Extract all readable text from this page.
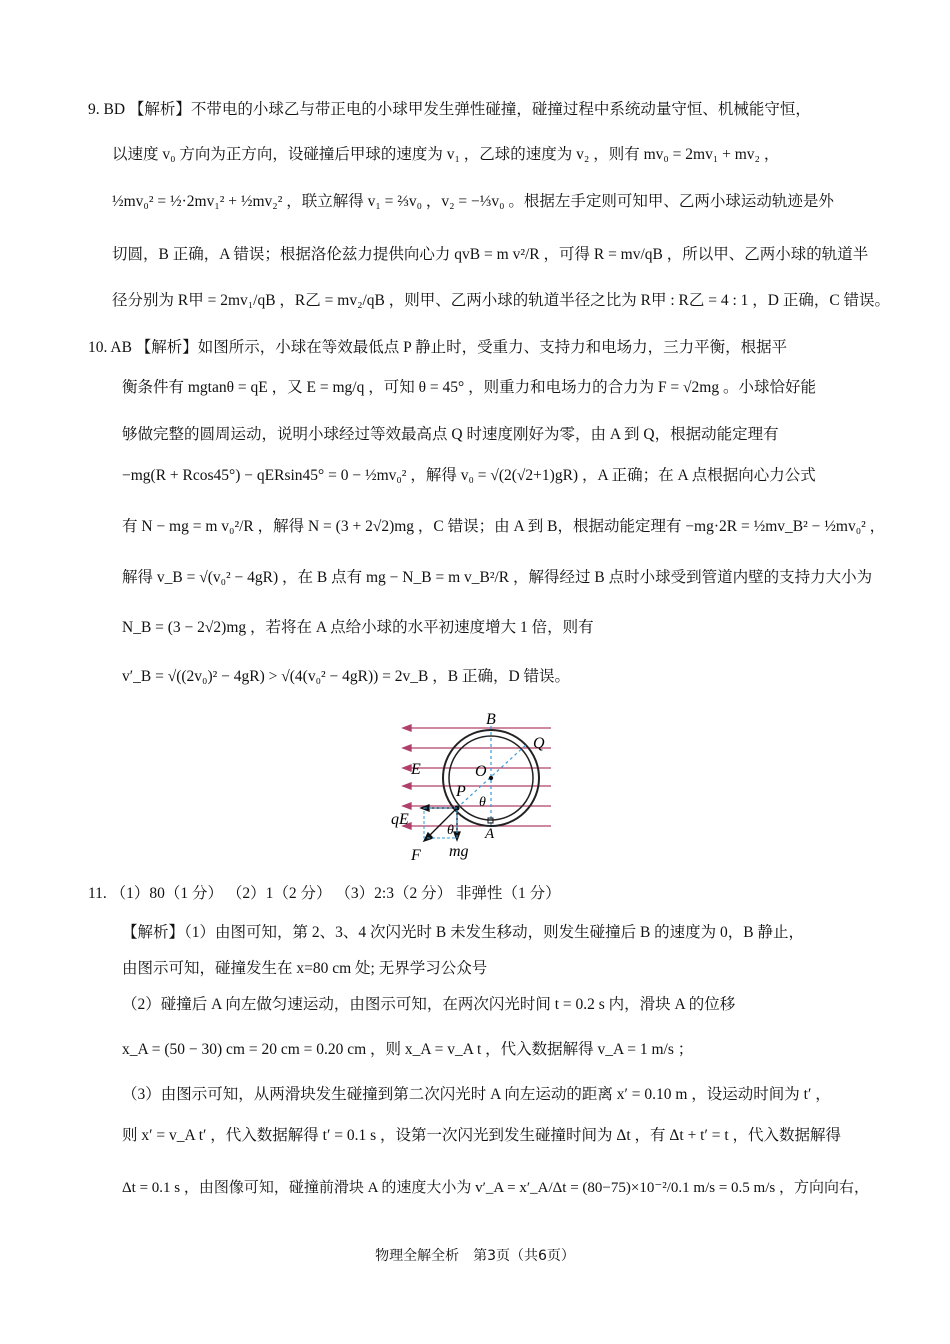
9. BD 【解析】不带电的小球乙与带正电的小球甲发生弹性碰撞，碰撞过程中系统动量守恒、机械能守恒，
以速度 v₀ 方向为正方向，设碰撞后甲球的速度为 v₁ ，乙球的速度为 v₂ ，则有 mv₀ = 2mv₁ + mv₂ ，
½mv₀² = ½·2mv₁² + ½mv₂² ，联立解得 v₁ = ⅔v₀ ，v₂ = −⅓v₀ 。根据左手定则可知甲、乙两小球运动轨迹是外
切圆，B 正确，A 错误；根据洛伦兹力提供向心力 qvB = m v²/R ，可得 R = mv/qB ，所以甲、乙两小球的轨道半
径分别为 R甲 = 2mv₁/qB ，R乙 = mv₂/qB ，则甲、乙两小球的轨道半径之比为 R甲 : R乙 = 4 : 1 ，D 正确，C 错误。
10. AB 【解析】如图所示，小球在等效最低点 P 静止时，受重力、支持力和电场力，三力平衡，根据平
衡条件有 mgtanθ = qE ，又 E = mg/q ，可知 θ = 45° ，则重力和电场力的合力为 F = √2mg 。小球恰好能
够做完整的圆周运动，说明小球经过等效最高点 Q 时速度刚好为零，由 A 到 Q，根据动能定理有
−mg(R + Rcos45°) − qERsin45° = 0 − ½mv₀² ，解得 v₀ = √(2(√2+1)gR) ，A 正确；在 A 点根据向心力公式
有 N − mg = m v₀²/R ，解得 N = (3 + 2√2)mg ，C 错误；由 A 到 B，根据动能定理有 −mg·2R = ½mv_B² − ½mv₀² ，
解得 v_B = √(v₀² − 4gR) ，在 B 点有 mg − N_B = m v_B²/R ，解得经过 B 点时小球受到管道内壁的支持力大小为
N_B = (3 − 2√2)mg ，若将在 A 点给小球的水平初速度增大 1 倍，则有
v′_B = √((2v₀)² − 4gR) > √(4(v₀² − 4gR)) = 2v_B ，B 正确，D 错误。
B
Q
E	O
P
θ
qE
θ A
F mg
11. （1）80（1 分） （2）1（2 分） （3）2:3（2 分） 非弹性（1 分）
【解析】（1）由图可知，第 2、3、4 次闪光时 B 未发生移动，则发生碰撞后 B 的速度为 0，B 静止，
由图示可知，碰撞发生在 x=80 cm 处; 无界学习公众号
（2）碰撞后 A 向左做匀速运动，由图示可知，在两次闪光时间 t = 0.2 s 内，滑块 A 的位移
x_A = (50 − 30) cm = 20 cm = 0.20 cm ，则 x_A = v_A t ，代入数据解得 v_A = 1 m/s ；
（3）由图示可知，从两滑块发生碰撞到第二次闪光时 A 向左运动的距离 x′ = 0.10 m ，设运动时间为 t′ ，
则 x′ = v_A t′ ，代入数据解得 t′ = 0.1 s ，设第一次闪光到发生碰撞时间为 Δt ，有 Δt + t′ = t ，代入数据解得
Δt = 0.1 s ，由图像可知，碰撞前滑块 A 的速度大小为 v′_A = x′_A/Δt = (80−75)×10⁻²/0.1 m/s = 0.5 m/s ，方向向右，
物理全解全析　第3页（共6页）
